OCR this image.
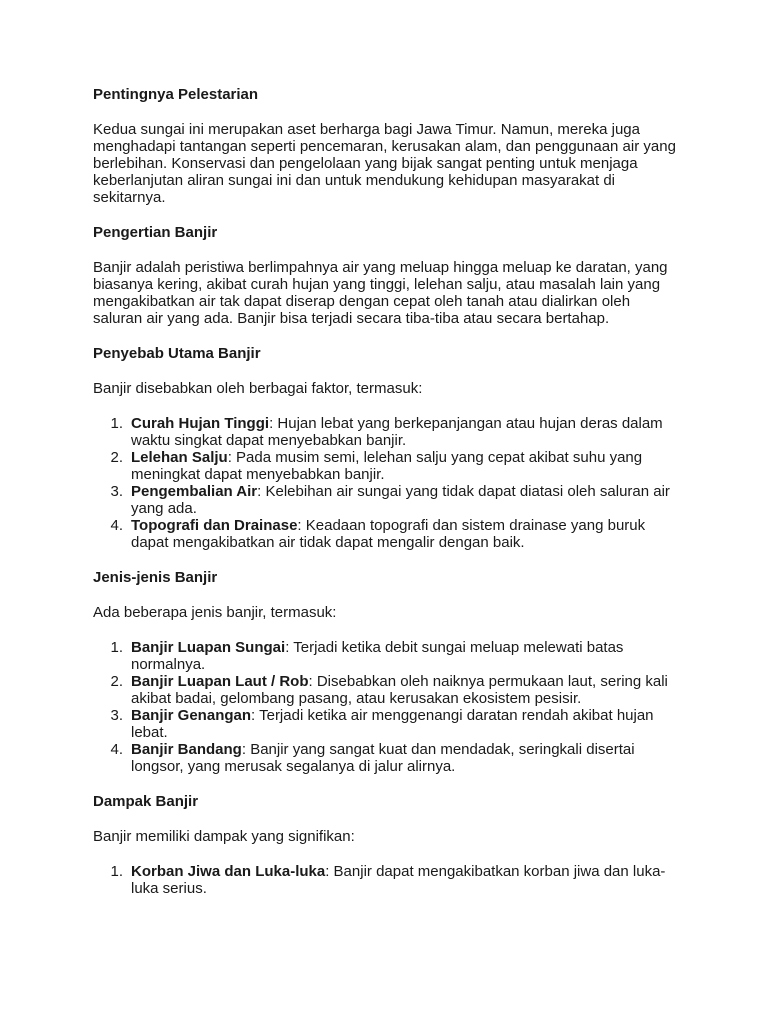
Pentingnya Pelestarian
Kedua sungai ini merupakan aset berharga bagi Jawa Timur. Namun, mereka juga menghadapi tantangan seperti pencemaran, kerusakan alam, dan penggunaan air yang berlebihan. Konservasi dan pengelolaan yang bijak sangat penting untuk menjaga keberlanjutan aliran sungai ini dan untuk mendukung kehidupan masyarakat di sekitarnya.
Pengertian Banjir
Banjir adalah peristiwa berlimpahnya air yang meluap hingga meluap ke daratan, yang biasanya kering, akibat curah hujan yang tinggi, lelehan salju, atau masalah lain yang mengakibatkan air tak dapat diserap dengan cepat oleh tanah atau dialirkan oleh saluran air yang ada. Banjir bisa terjadi secara tiba-tiba atau secara bertahap.
Penyebab Utama Banjir
Banjir disebabkan oleh berbagai faktor, termasuk:
1. Curah Hujan Tinggi: Hujan lebat yang berkepanjangan atau hujan deras dalam waktu singkat dapat menyebabkan banjir.
2. Lelehan Salju: Pada musim semi, lelehan salju yang cepat akibat suhu yang meningkat dapat menyebabkan banjir.
3. Pengembalian Air: Kelebihan air sungai yang tidak dapat diatasi oleh saluran air yang ada.
4. Topografi dan Drainase: Keadaan topografi dan sistem drainase yang buruk dapat mengakibatkan air tidak dapat mengalir dengan baik.
Jenis-jenis Banjir
Ada beberapa jenis banjir, termasuk:
1. Banjir Luapan Sungai: Terjadi ketika debit sungai meluap melewati batas normalnya.
2. Banjir Luapan Laut / Rob: Disebabkan oleh naiknya permukaan laut, sering kali akibat badai, gelombang pasang, atau kerusakan ekosistem pesisir.
3. Banjir Genangan: Terjadi ketika air menggenangi daratan rendah akibat hujan lebat.
4. Banjir Bandang: Banjir yang sangat kuat dan mendadak, seringkali disertai longsor, yang merusak segalanya di jalur alirnya.
Dampak Banjir
Banjir memiliki dampak yang signifikan:
1. Korban Jiwa dan Luka-luka: Banjir dapat mengakibatkan korban jiwa dan luka-luka serius.
